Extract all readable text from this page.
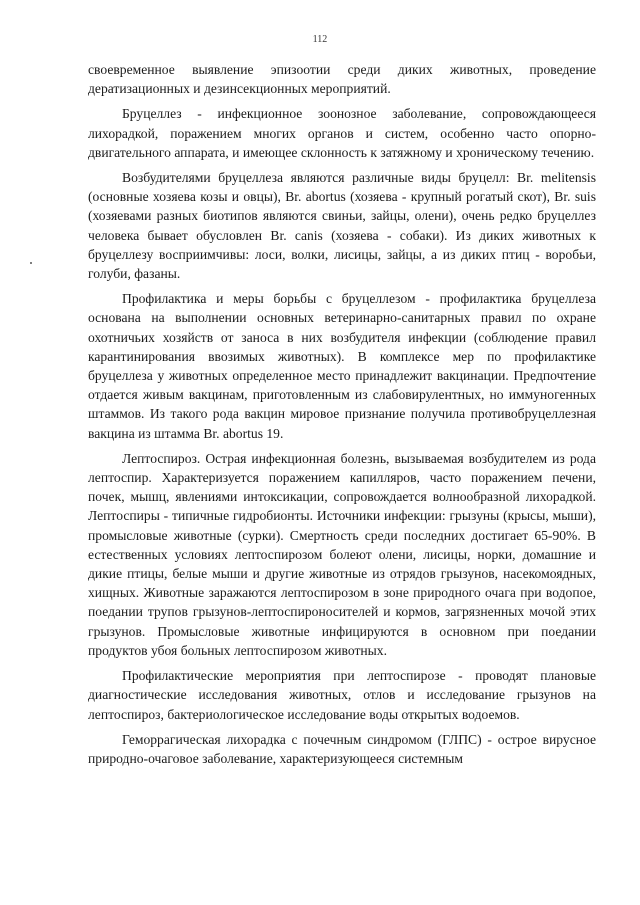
112

своевременное выявление эпизоотии среди диких животных, проведение дератизационных и дезинсекционных мероприятий.

Бруцеллез - инфекционное зоонозное заболевание, сопровождающееся лихорадкой, поражением многих органов и систем, особенно часто опорно-двигательного аппарата, и имеющее склонность к затяжному и хроническому течению.

Возбудителями бруцеллеза являются различные виды бруцелл: Br. melitensis (основные хозяева козы и овцы), Br. abortus (хозяева - крупный рогатый скот), Br. suis (хозяевами разных биотипов являются свиньи, зайцы, олени), очень редко бруцеллез человека бывает обусловлен Br. canis (хозяева - собаки). Из диких животных к бруцеллезу восприимчивы: лоси, волки, лисицы, зайцы, а из диких птиц - воробьи, голуби, фазаны.

Профилактика и меры борьбы с бруцеллезом - профилактика бруцеллеза основана на выполнении основных ветеринарно-санитарных правил по охране охотничьих хозяйств от заноса в них возбудителя инфекции (соблюдение правил карантинирования ввозимых животных). В комплексе мер по профилактике бруцеллеза у животных определенное место принадлежит вакцинации. Предпочтение отдается живым вакцинам, приготовленным из слабовирулентных, но иммуногенных штаммов. Из такого рода вакцин мировое признание получила противобруцеллезная вакцина из штамма Br. abortus 19.

Лептоспироз. Острая инфекционная болезнь, вызываемая возбудителем из рода лептоспир. Характеризуется поражением капилляров, часто поражением печени, почек, мышц, явлениями интоксикации, сопровождается волнообразной лихорадкой. Лептоспиры - типичные гидробионты. Источники инфекции: грызуны (крысы, мыши), промысловые животные (сурки). Смертность среди последних достигает 65-90%. В естественных условиях лептоспирозом болеют олени, лисицы, норки, домашние и дикие птицы, белые мыши и другие животные из отрядов грызунов, насекомоядных, хищных. Животные заражаются лептоспирозом в зоне природного очага при водопое, поедании трупов грызунов-лептоспироносителей и кормов, загрязненных мочой этих грызунов. Промысловые животные инфицируются в основном при поедании продуктов убоя больных лептоспирозом животных.

Профилактические мероприятия при лептоспирозе - проводят плановые диагностические исследования животных, отлов и исследование грызунов на лептоспироз, бактериологическое исследование воды открытых водоемов.

Геморрагическая лихорадка с почечным синдромом (ГЛПС) - острое вирусное природно-очаговое заболевание, характеризующееся системным
